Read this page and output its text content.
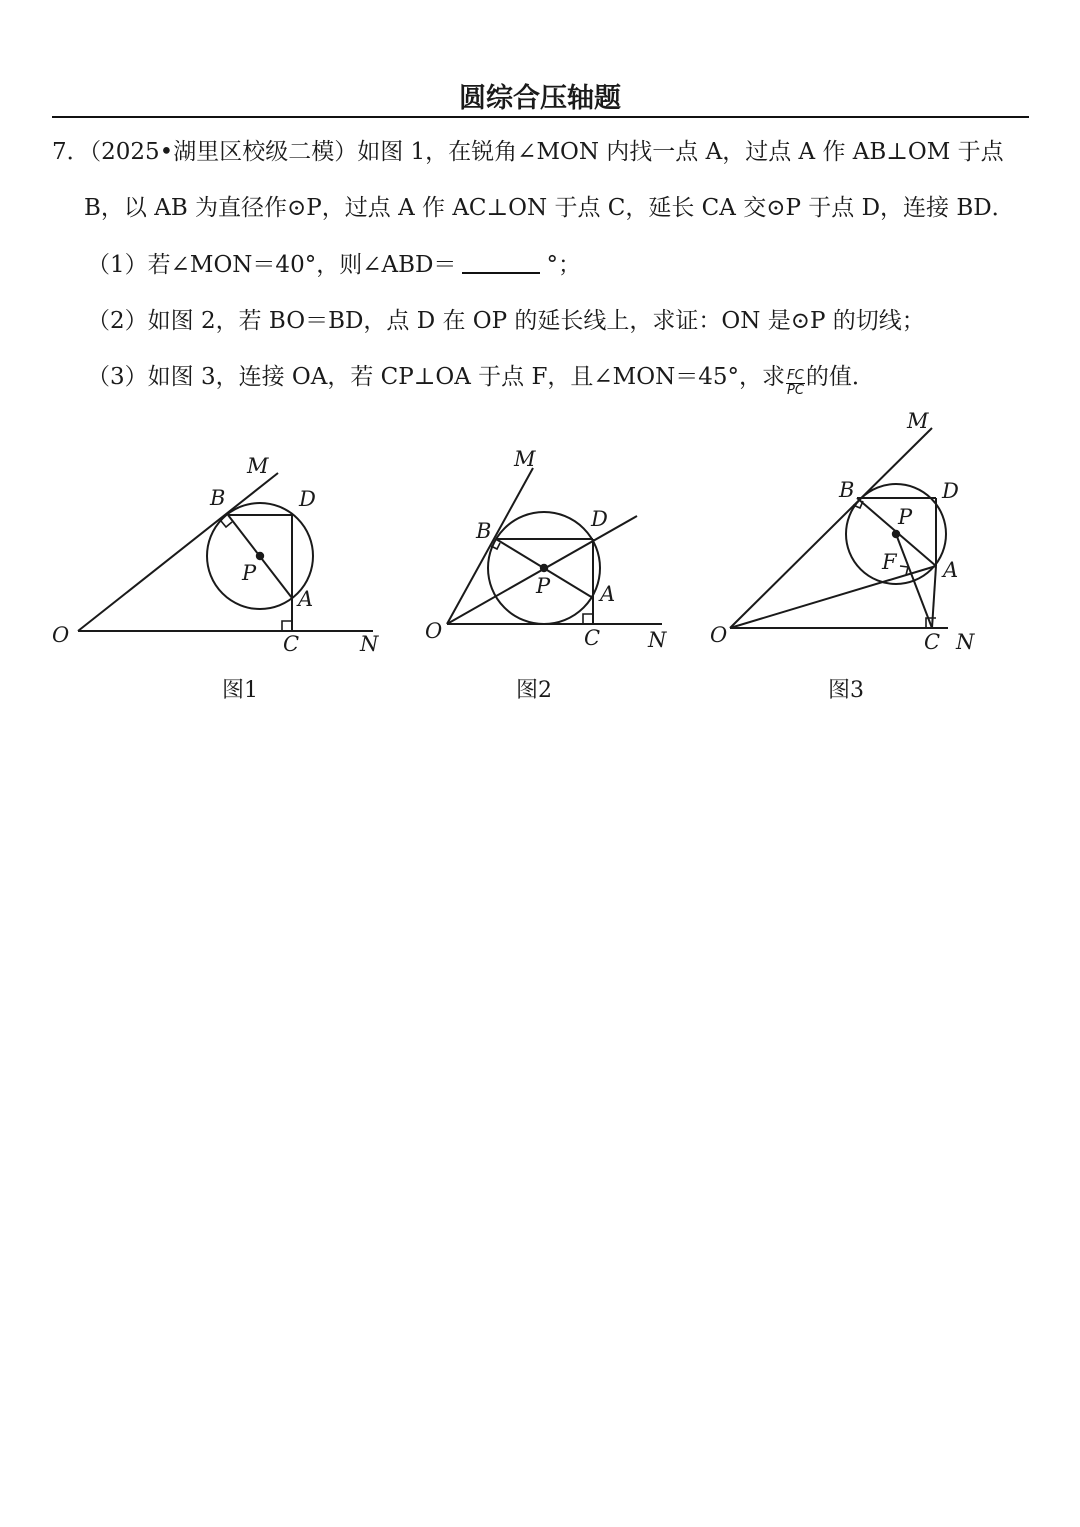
圆综合压轴题
7．（2025•湖里区校级二模）如图 1，在锐角∠MON 内找一点 A，过点 A 作 AB⊥OM 于点
B，以 AB 为直径作⊙P，过点 A 作 AC⊥ON 于点 C，延长 CA 交⊙P 于点 D，连接 BD．
（1）若∠MON＝40°，则∠ABD＝	°；
（2）如图 2，若 BO＝BD，点 D 在 OP 的延长线上，求证：ON 是⊙P 的切线；
（3）如图 3，连接 OA，若 CP⊥OA 于点 F，且∠MON＝45°，求 $\frac{FC}{PC}$ 的值．
O
M
N
B	D
P
A
C
图1
O
M
N
B	D
P A
C
图2
O
M
N
B	D
P
F A
C
图3
